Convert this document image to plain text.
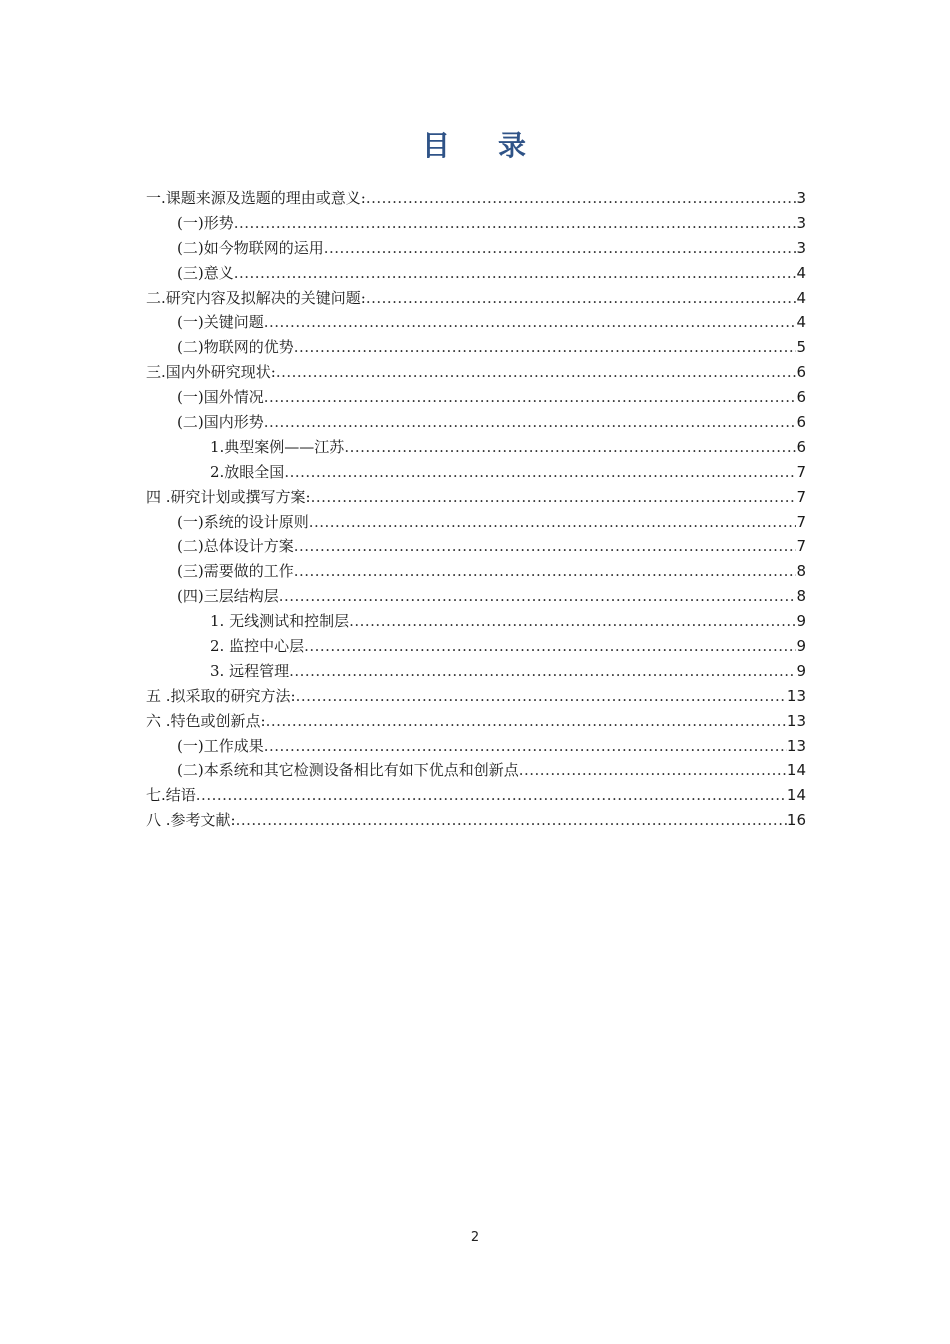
目 录
一.课题来源及选题的理由或意义: .....	3
(一)形势 .....	3
(二)如今物联网的运用 .....	3
(三)意义 .....	4
二.研究内容及拟解决的关键问题: .....	4
(一)关键问题 .....	4
(二)物联网的优势 .....	5
三.国内外研究现状: .....	6
(一)国外情况 .....	6
(二)国内形势 .....	6
1.典型案例——江苏 .....	6
2.放眼全国 .....	7
四 .研究计划或撰写方案: .....	7
(一)系统的设计原则 .....	7
(二)总体设计方案 .....	7
(三)需要做的工作 .....	8
(四)三层结构层 .....	8
1. 无线测试和控制层 .....	9
2. 监控中心层 .....	9
3. 远程管理 .....	9
五 .拟采取的研究方法: .....	13
六 .特色或创新点: .....	13
(一)工作成果 .....	13
(二)本系统和其它检测设备相比有如下优点和创新点 .....	14
七.结语 .....	14
八 .参考文献: .....	16
2
